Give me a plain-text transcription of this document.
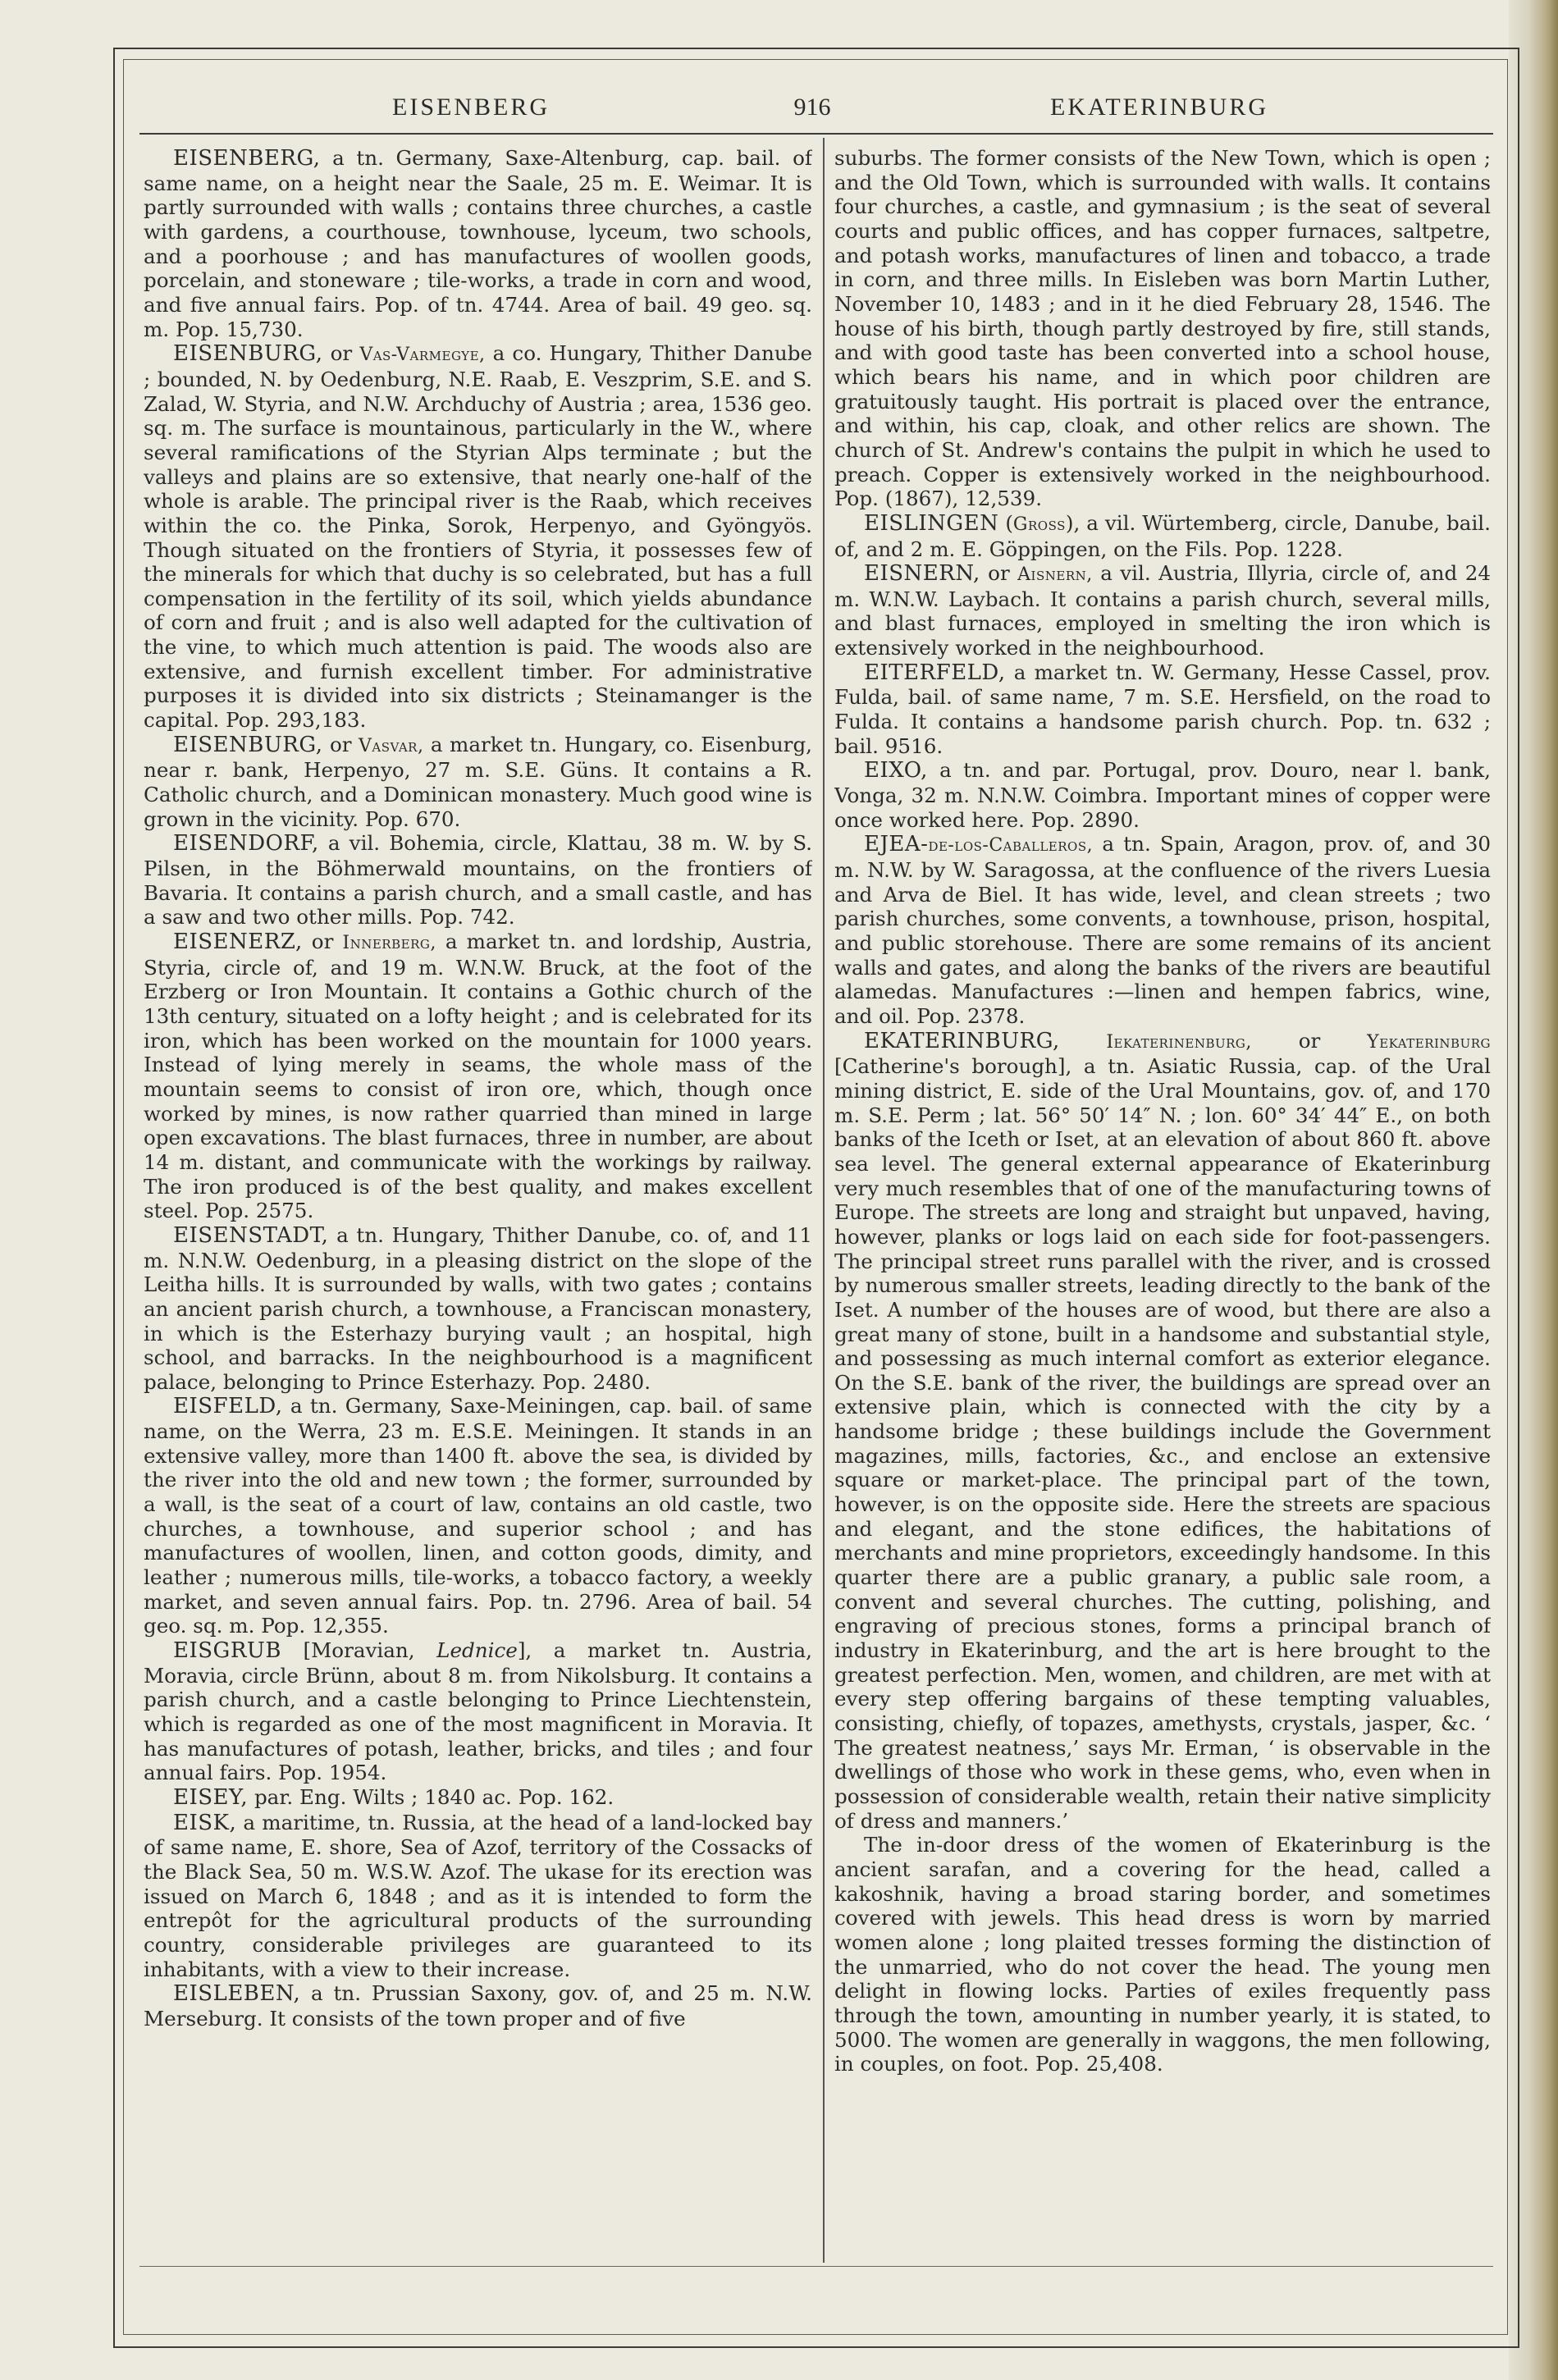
EISENBERG	916	EKATERINBURG

EISENBERG, a tn. Germany, Saxe-Altenburg, cap. bail. of same name, on a height near the Saale, 25 m. E. Weimar. It is partly surrounded with walls ; contains three churches, a castle with gardens, a courthouse, townhouse, lyceum, two schools, and a poorhouse ; and has manufactures of woollen goods, porcelain, and stoneware ; tile-works, a trade in corn and wood, and five annual fairs. Pop. of tn. 4744. Area of bail. 49 geo. sq. m. Pop. 15,730.

EISENBURG, or Vas-Varmegye, a co. Hungary, Thither Danube ; bounded, N. by Oedenburg, N.E. Raab, E. Veszprim, S.E. and S. Zalad, W. Styria, and N.W. Archduchy of Austria ; area, 1536 geo. sq. m. The surface is mountainous, particularly in the W., where several ramifications of the Styrian Alps terminate ; but the valleys and plains are so extensive, that nearly one-half of the whole is arable. The principal river is the Raab, which receives within the co. the Pinka, Sorok, Herpenyo, and Gyöngyös. Though situated on the frontiers of Styria, it possesses few of the minerals for which that duchy is so celebrated, but has a full compensation in the fertility of its soil, which yields abundance of corn and fruit ; and is also well adapted for the cultivation of the vine, to which much attention is paid. The woods also are extensive, and furnish excellent timber. For administrative purposes it is divided into six districts ; Steinamanger is the capital. Pop. 293,183.

EISENBURG, or Vasvar, a market tn. Hungary, co. Eisenburg, near r. bank, Herpenyo, 27 m. S.E. Güns. It contains a R. Catholic church, and a Dominican monastery. Much good wine is grown in the vicinity. Pop. 670.

EISENDORF, a vil. Bohemia, circle, Klattau, 38 m. W. by S. Pilsen, in the Böhmerwald mountains, on the frontiers of Bavaria. It contains a parish church, and a small castle, and has a saw and two other mills. Pop. 742.

EISENERZ, or Innerberg, a market tn. and lordship, Austria, Styria, circle of, and 19 m. W.N.W. Bruck, at the foot of the Erzberg or Iron Mountain. It contains a Gothic church of the 13th century, situated on a lofty height ; and is celebrated for its iron, which has been worked on the mountain for 1000 years. Instead of lying merely in seams, the whole mass of the mountain seems to consist of iron ore, which, though once worked by mines, is now rather quarried than mined in large open excavations. The blast furnaces, three in number, are about 14 m. distant, and communicate with the workings by railway. The iron produced is of the best quality, and makes excellent steel. Pop. 2575.

EISENSTADT, a tn. Hungary, Thither Danube, co. of, and 11 m. N.N.W. Oedenburg, in a pleasing district on the slope of the Leitha hills. It is surrounded by walls, with two gates ; contains an ancient parish church, a townhouse, a Franciscan monastery, in which is the Esterhazy burying vault ; an hospital, high school, and barracks. In the neighbourhood is a magnificent palace, belonging to Prince Esterhazy. Pop. 2480.

EISFELD, a tn. Germany, Saxe-Meiningen, cap. bail. of same name, on the Werra, 23 m. E.S.E. Meiningen. It stands in an extensive valley, more than 1400 ft. above the sea, is divided by the river into the old and new town ; the former, surrounded by a wall, is the seat of a court of law, contains an old castle, two churches, a townhouse, and superior school ; and has manufactures of woollen, linen, and cotton goods, dimity, and leather ; numerous mills, tile-works, a tobacco factory, a weekly market, and seven annual fairs. Pop. tn. 2796. Area of bail. 54 geo. sq. m. Pop. 12,355.

EISGRUB [Moravian, Lednice], a market tn. Austria, Moravia, circle Brünn, about 8 m. from Nikolsburg. It contains a parish church, and a castle belonging to Prince Liechtenstein, which is regarded as one of the most magnificent in Moravia. It has manufactures of potash, leather, bricks, and tiles ; and four annual fairs. Pop. 1954.

EISEY, par. Eng. Wilts ; 1840 ac. Pop. 162.

EISK, a maritime, tn. Russia, at the head of a land-locked bay of same name, E. shore, Sea of Azof, territory of the Cossacks of the Black Sea, 50 m. W.S.W. Azof. The ukase for its erection was issued on March 6, 1848 ; and as it is intended to form the entrepôt for the agricultural products of the surrounding country, considerable privileges are guaranteed to its inhabitants, with a view to their increase.

EISLEBEN, a tn. Prussian Saxony, gov. of, and 25 m. N.W. Merseburg. It consists of the town proper and of five

suburbs. The former consists of the New Town, which is open ; and the Old Town, which is surrounded with walls. It contains four churches, a castle, and gymnasium ; is the seat of several courts and public offices, and has copper furnaces, saltpetre, and potash works, manufactures of linen and tobacco, a trade in corn, and three mills. In Eisleben was born Martin Luther, November 10, 1483 ; and in it he died February 28, 1546. The house of his birth, though partly destroyed by fire, still stands, and with good taste has been converted into a school house, which bears his name, and in which poor children are gratuitously taught. His portrait is placed over the entrance, and within, his cap, cloak, and other relics are shown. The church of St. Andrew's contains the pulpit in which he used to preach. Copper is extensively worked in the neighbourhood. Pop. (1867), 12,539.

EISLINGEN (Gross), a vil. Würtemberg, circle, Danube, bail. of, and 2 m. E. Göppingen, on the Fils. Pop. 1228.

EISNERN, or Aisnern, a vil. Austria, Illyria, circle of, and 24 m. W.N.W. Laybach. It contains a parish church, several mills, and blast furnaces, employed in smelting the iron which is extensively worked in the neighbourhood.

EITERFELD, a market tn. W. Germany, Hesse Cassel, prov. Fulda, bail. of same name, 7 m. S.E. Hersfield, on the road to Fulda. It contains a handsome parish church. Pop. tn. 632 ; bail. 9516.

EIXO, a tn. and par. Portugal, prov. Douro, near l. bank, Vonga, 32 m. N.N.W. Coimbra. Important mines of copper were once worked here. Pop. 2890.

EJEA-de-los-Caballeros, a tn. Spain, Aragon, prov. of, and 30 m. N.W. by W. Saragossa, at the confluence of the rivers Luesia and Arva de Biel. It has wide, level, and clean streets ; two parish churches, some convents, a townhouse, prison, hospital, and public storehouse. There are some remains of its ancient walls and gates, and along the banks of the rivers are beautiful alamedas. Manufactures :—linen and hempen fabrics, wine, and oil. Pop. 2378.

EKATERINBURG, Iekaterinenburg, or Yekaterinburg [Catherine's borough], a tn. Asiatic Russia, cap. of the Ural mining district, E. side of the Ural Mountains, gov. of, and 170 m. S.E. Perm ; lat. 56° 50′ 14″ N. ; lon. 60° 34′ 44″ E., on both banks of the Iceth or Iset, at an elevation of about 860 ft. above sea level. The general external appearance of Ekaterinburg very much resembles that of one of the manufacturing towns of Europe. The streets are long and straight but unpaved, having, however, planks or logs laid on each side for foot-passengers. The principal street runs parallel with the river, and is crossed by numerous smaller streets, leading directly to the bank of the Iset. A number of the houses are of wood, but there are also a great many of stone, built in a handsome and substantial style, and possessing as much internal comfort as exterior elegance. On the S.E. bank of the river, the buildings are spread over an extensive plain, which is connected with the city by a handsome bridge ; these buildings include the Government magazines, mills, factories, &c., and enclose an extensive square or market-place. The principal part of the town, however, is on the opposite side. Here the streets are spacious and elegant, and the stone edifices, the habitations of merchants and mine proprietors, exceedingly handsome. In this quarter there are a public granary, a public sale room, a convent and several churches. The cutting, polishing, and engraving of precious stones, forms a principal branch of industry in Ekaterinburg, and the art is here brought to the greatest perfection. Men, women, and children, are met with at every step offering bargains of these tempting valuables, consisting, chiefly, of topazes, amethysts, crystals, jasper, &c. ‘ The greatest neatness,’ says Mr. Erman, ‘ is observable in the dwellings of those who work in these gems, who, even when in possession of considerable wealth, retain their native simplicity of dress and manners.’

The in-door dress of the women of Ekaterinburg is the ancient sarafan, and a covering for the head, called a kakoshnik, having a broad staring border, and sometimes covered with jewels. This head dress is worn by married women alone ; long plaited tresses forming the distinction of the unmarried, who do not cover the head. The young men delight in flowing locks. Parties of exiles frequently pass through the town, amounting in number yearly, it is stated, to 5000. The women are generally in waggons, the men following, in couples, on foot. Pop. 25,408.
